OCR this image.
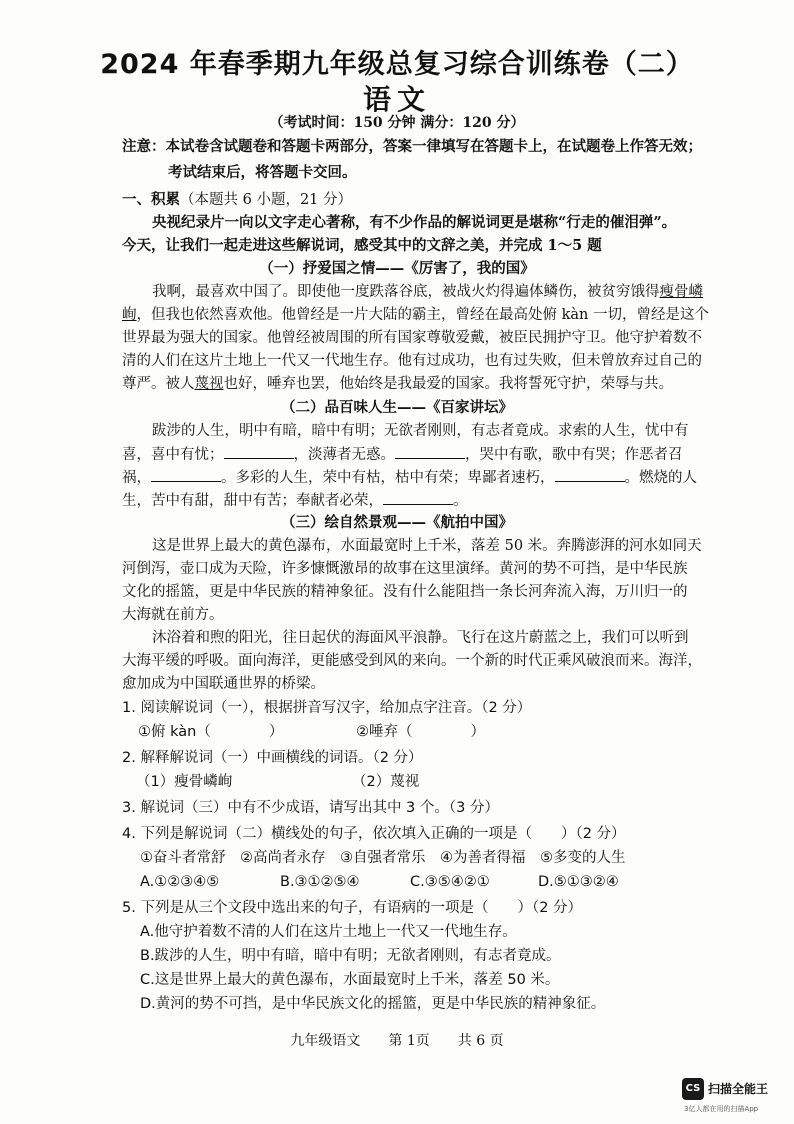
2024 年春季期九年级总复习综合训练卷（二）
语文
（考试时间：150 分钟 满分：120 分）
注意：本试卷含试题卷和答题卡两部分，答案一律填写在答题卡上，在试题卷上作答无效；
考试结束后，将答题卡交回。
一、积累（本题共 6 小题，21 分）
央视纪录片一向以文字走心著称，有不少作品的解说词更是堪称“行走的催泪弹”。
今天，让我们一起走进这些解说词，感受其中的文辞之美，并完成 1～5 题
（一）抒爱国之情——《厉害了，我的国》
我啊，最喜欢中国了。即使他一度跌落谷底，被战火灼得遍体鳞伤，被贫穷饿得瘦骨嶙
峋，但我也依然喜欢他。他曾经是一片大陆的霸主，曾经在最高处俯 kàn 一切，曾经是这个
世界最为强大的国家。他曾经被周围的所有国家尊敬爱戴，被臣民拥护守卫。他守护着数不
清的人们在这片土地上一代又一代地生存。他有过成功，也有过失败，但未曾放弃过自己的
尊严。被人蔑视也好，唾弃也罢，他始终是我最爱的国家。我将誓死守护，荣辱与共。
（二）品百味人生——《百家讲坛》
跋涉的人生，明中有暗，暗中有明；无欲者刚则，有志者竟成。求索的人生，忧中有
喜，喜中有忧；	，淡薄者无惑。	，哭中有歌，歌中有哭；作恶者召
祸，	。多彩的人生，荣中有枯，枯中有荣；卑鄙者速朽，	。燃烧的人
生，苦中有甜，甜中有苦；奉献者必荣，	。
（三）绘自然景观——《航拍中国》
这是世界上最大的黄色瀑布，水面最宽时上千米，落差 50 米。奔腾澎湃的河水如同天
河倒泻，壶口成为天险，许多慷慨激昂的故事在这里演绎。黄河的势不可挡，是中华民族
文化的摇篮，更是中华民族的精神象征。没有什么能阻挡一条长河奔流入海，万川归一的
大海就在前方。
沐浴着和煦的阳光，往日起伏的海面风平浪静。飞行在这片蔚蓝之上，我们可以听到
大海平缓的呼吸。面向海洋，更能感受到风的来向。一个新的时代正乘风破浪而来。海洋，
愈加成为中国联通世界的桥梁。
1. 阅读解说词（一），根据拼音写汉字，给加点字注音。（2 分）
①俯 kàn（　　　　）	②唾弃（　　　　）
2. 解释解说词（一）中画横线的词语。（2 分）
（1）瘦骨嶙峋	（2）蔑视
3. 解说词（三）中有不少成语，请写出其中 3 个。（3 分）
4. 下列是解说词（二）横线处的句子，依次填入正确的一项是（　　）（2 分）
①奋斗者常舒　②高尚者永存　③自强者常乐　④为善者得福　⑤多变的人生
A.①②③④⑤	B.③①②⑤④	C.③⑤④②①	D.⑤①③②④
5. 下列是从三个文段中选出来的句子，有语病的一项是（　　）（2 分）
A.他守护着数不清的人们在这片土地上一代又一代地生存。
B.跋涉的人生，明中有暗，暗中有明；无欲者刚则，有志者竟成。
C.这是世界上最大的黄色瀑布，水面最宽时上千米，落差 50 米。
D.黄河的势不可挡，是中华民族文化的摇篮，更是中华民族的精神象征。
九年级语文　　第 1页　　共 6 页
CS 扫描全能王
3亿人都在用的扫描App
